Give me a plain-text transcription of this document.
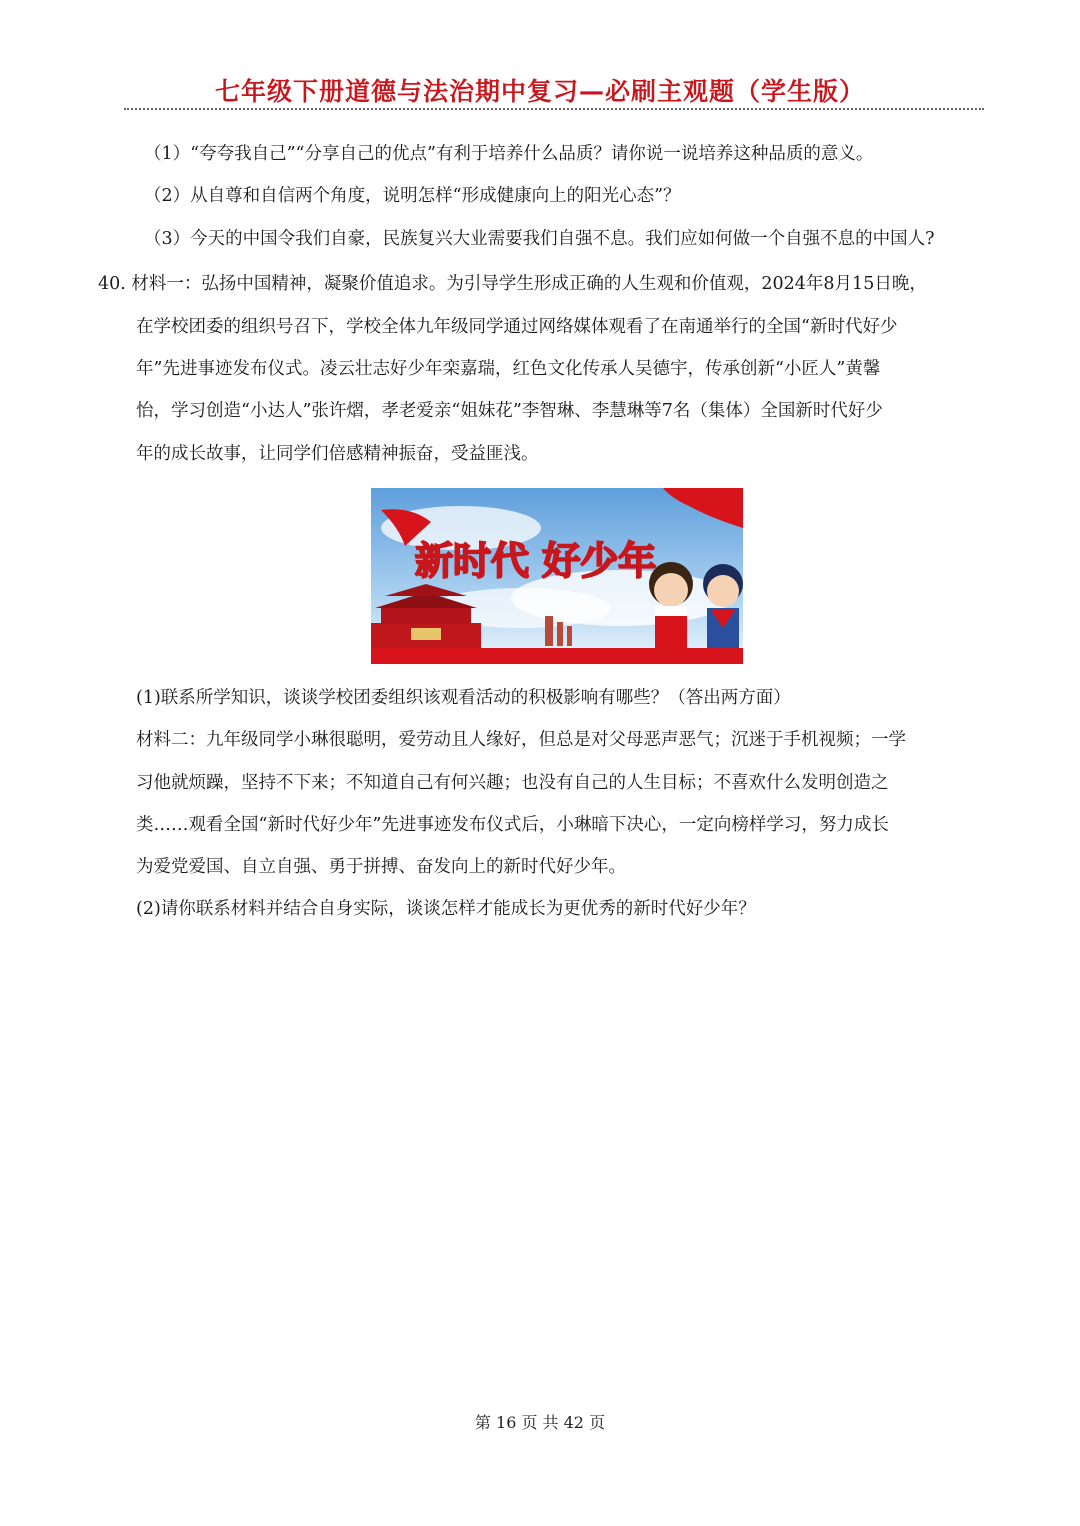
七年级下册道德与法治期中复习—必刷主观题（学生版）
（1）“夸夸我自己”“分享自己的优点”有利于培养什么品质？请你说一说培养这种品质的意义。
（2）从自尊和自信两个角度，说明怎样“形成健康向上的阳光心态”？
（3）今天的中国令我们自豪，民族复兴大业需要我们自强不息。我们应如何做一个自强不息的中国人?
40. 材料一：弘扬中国精神，凝聚价值追求。为引导学生形成正确的人生观和价值观，2024年8月15日晚，
在学校团委的组织号召下，学校全体九年级同学通过网络媒体观看了在南通举行的全国“新时代好少
年”先进事迹发布仪式。凌云壮志好少年栾嘉瑞，红色文化传承人吴德宇，传承创新“小匠人”黄馨
怡，学习创造“小达人”张许熠，孝老爱亲“姐妹花”李智琳、李慧琳等7名（集体）全国新时代好少
年的成长故事，让同学们倍感精神振奋，受益匪浅。
新时代 好少年
(1)联系所学知识，谈谈学校团委组织该观看活动的积极影响有哪些？（答出两方面）
材料二：九年级同学小琳很聪明，爱劳动且人缘好，但总是对父母恶声恶气；沉迷于手机视频；一学
习他就烦躁，坚持不下来；不知道自己有何兴趣；也没有自己的人生目标；不喜欢什么发明创造之
类……观看全国“新时代好少年”先进事迹发布仪式后，小琳暗下决心，一定向榜样学习，努力成长
为爱党爱国、自立自强、勇于拼搏、奋发向上的新时代好少年。
(2)请你联系材料并结合自身实际，谈谈怎样才能成长为更优秀的新时代好少年？
第 16 页 共 42 页
